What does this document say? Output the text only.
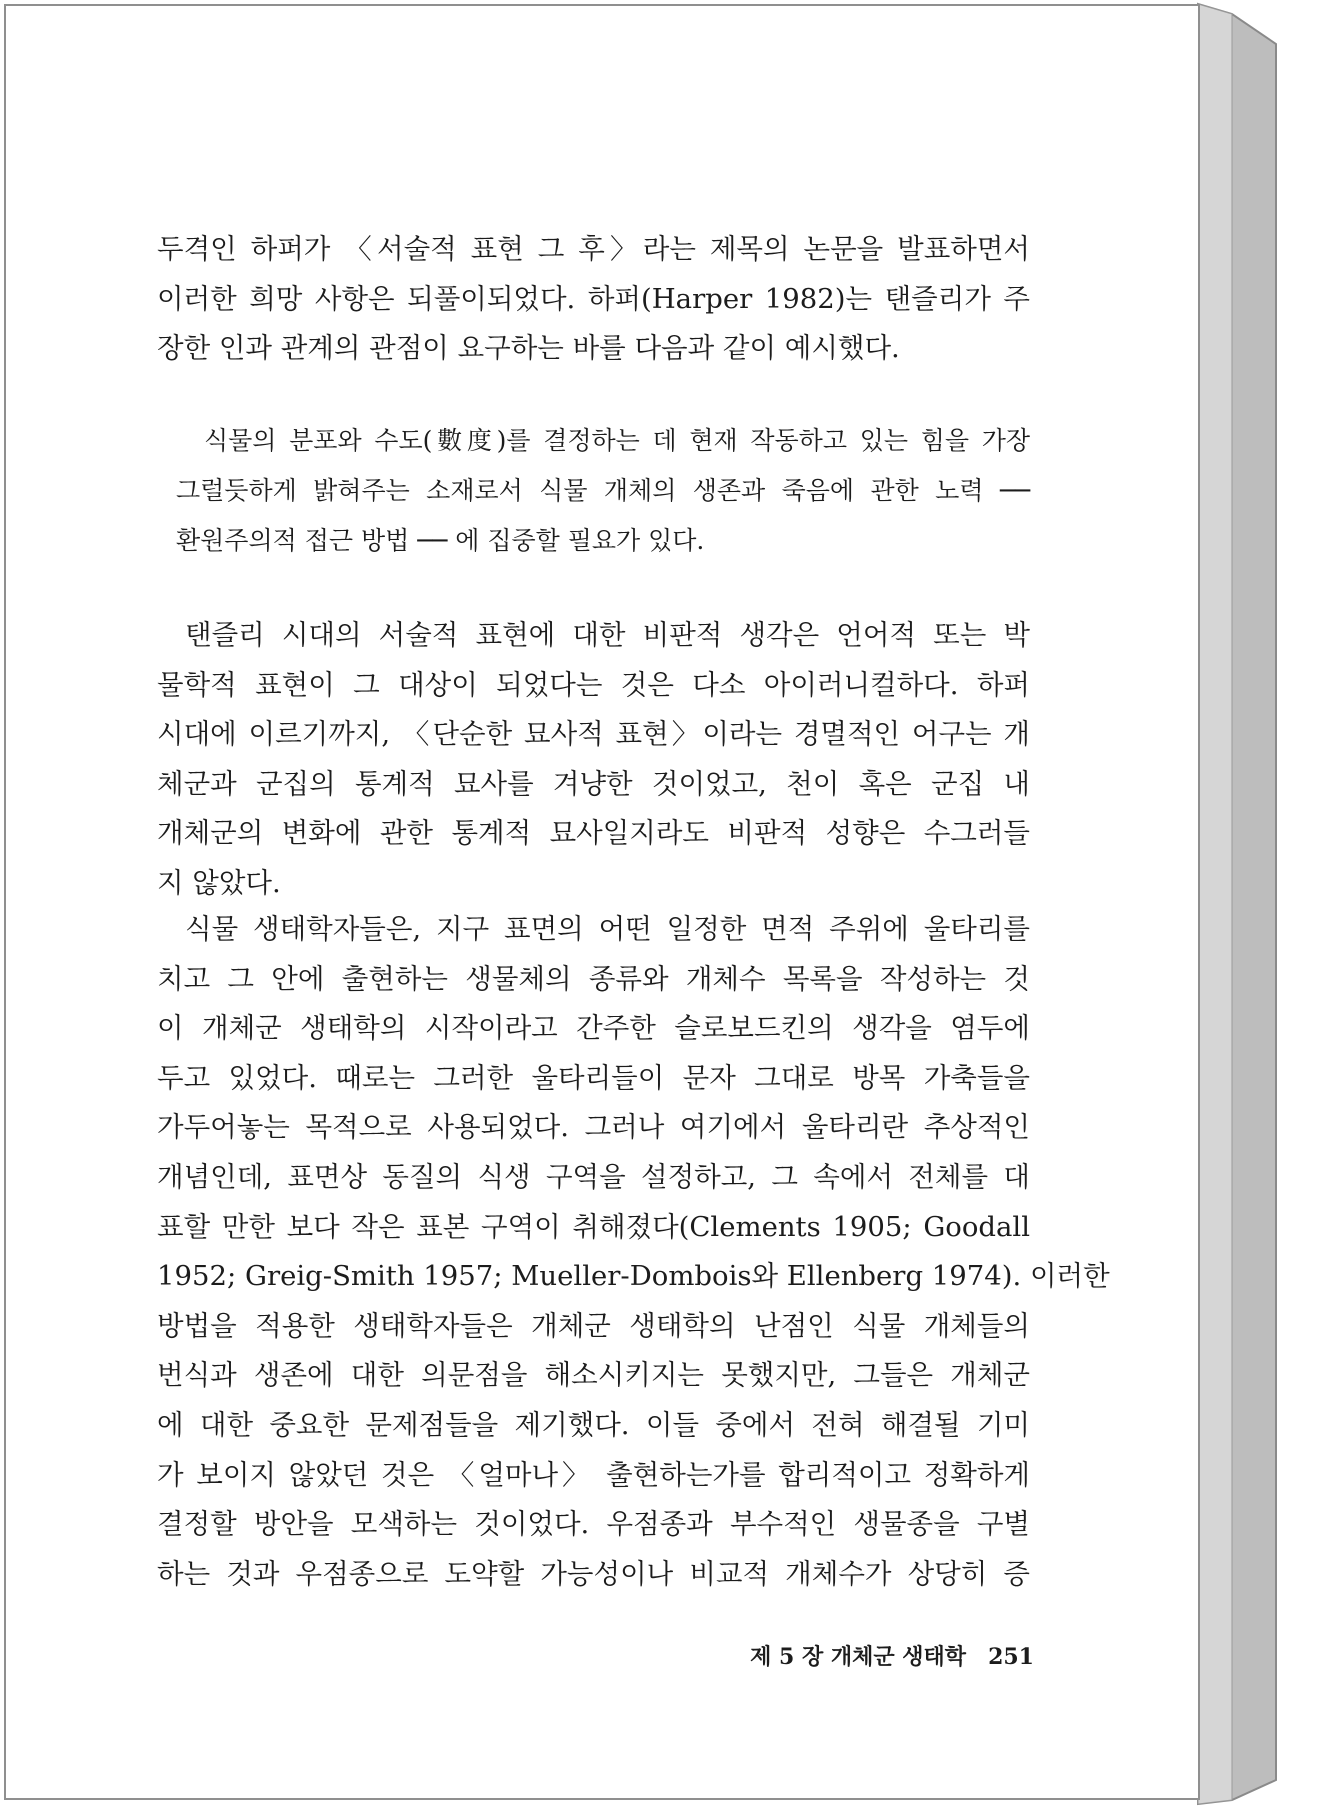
두격인 하퍼가 〈서술적 표현 그 후〉라는 제목의 논문을 발표하면서
이러한 희망 사항은 되풀이되었다. 하퍼(Harper 1982)는 탠즐리가 주
장한 인과 관계의 관점이 요구하는 바를 다음과 같이 예시했다.
식물의 분포와 수도(數度)를 결정하는 데 현재 작동하고 있는 힘을 가장
그럴듯하게 밝혀주는 소재로서 식물 개체의 생존과 죽음에 관한 노력 ──
환원주의적 접근 방법 ── 에 집중할 필요가 있다.
탠즐리 시대의 서술적 표현에 대한 비판적 생각은 언어적 또는 박
물학적 표현이 그 대상이 되었다는 것은 다소 아이러니컬하다. 하퍼
시대에 이르기까지, 〈단순한 묘사적 표현〉이라는 경멸적인 어구는 개
체군과 군집의 통계적 묘사를 겨냥한 것이었고, 천이 혹은 군집 내
개체군의 변화에 관한 통계적 묘사일지라도 비판적 성향은 수그러들
지 않았다.
식물 생태학자들은, 지구 표면의 어떤 일정한 면적 주위에 울타리를
치고 그 안에 출현하는 생물체의 종류와 개체수 목록을 작성하는 것
이 개체군 생태학의 시작이라고 간주한 슬로보드킨의 생각을 염두에
두고 있었다. 때로는 그러한 울타리들이 문자 그대로 방목 가축들을
가두어놓는 목적으로 사용되었다. 그러나 여기에서 울타리란 추상적인
개념인데, 표면상 동질의 식생 구역을 설정하고, 그 속에서 전체를 대
표할 만한 보다 작은 표본 구역이 취해졌다(Clements 1905; Goodall
1952; Greig-Smith 1957; Mueller-Dombois와 Ellenberg 1974). 이러한
방법을 적용한 생태학자들은 개체군 생태학의 난점인 식물 개체들의
번식과 생존에 대한 의문점을 해소시키지는 못했지만, 그들은 개체군
에 대한 중요한 문제점들을 제기했다. 이들 중에서 전혀 해결될 기미
가 보이지 않았던 것은 〈얼마나〉 출현하는가를 합리적이고 정확하게
결정할 방안을 모색하는 것이었다. 우점종과 부수적인 생물종을 구별
하는 것과 우점종으로 도약할 가능성이나 비교적 개체수가 상당히 증
제 5 장 개체군 생태학 251
